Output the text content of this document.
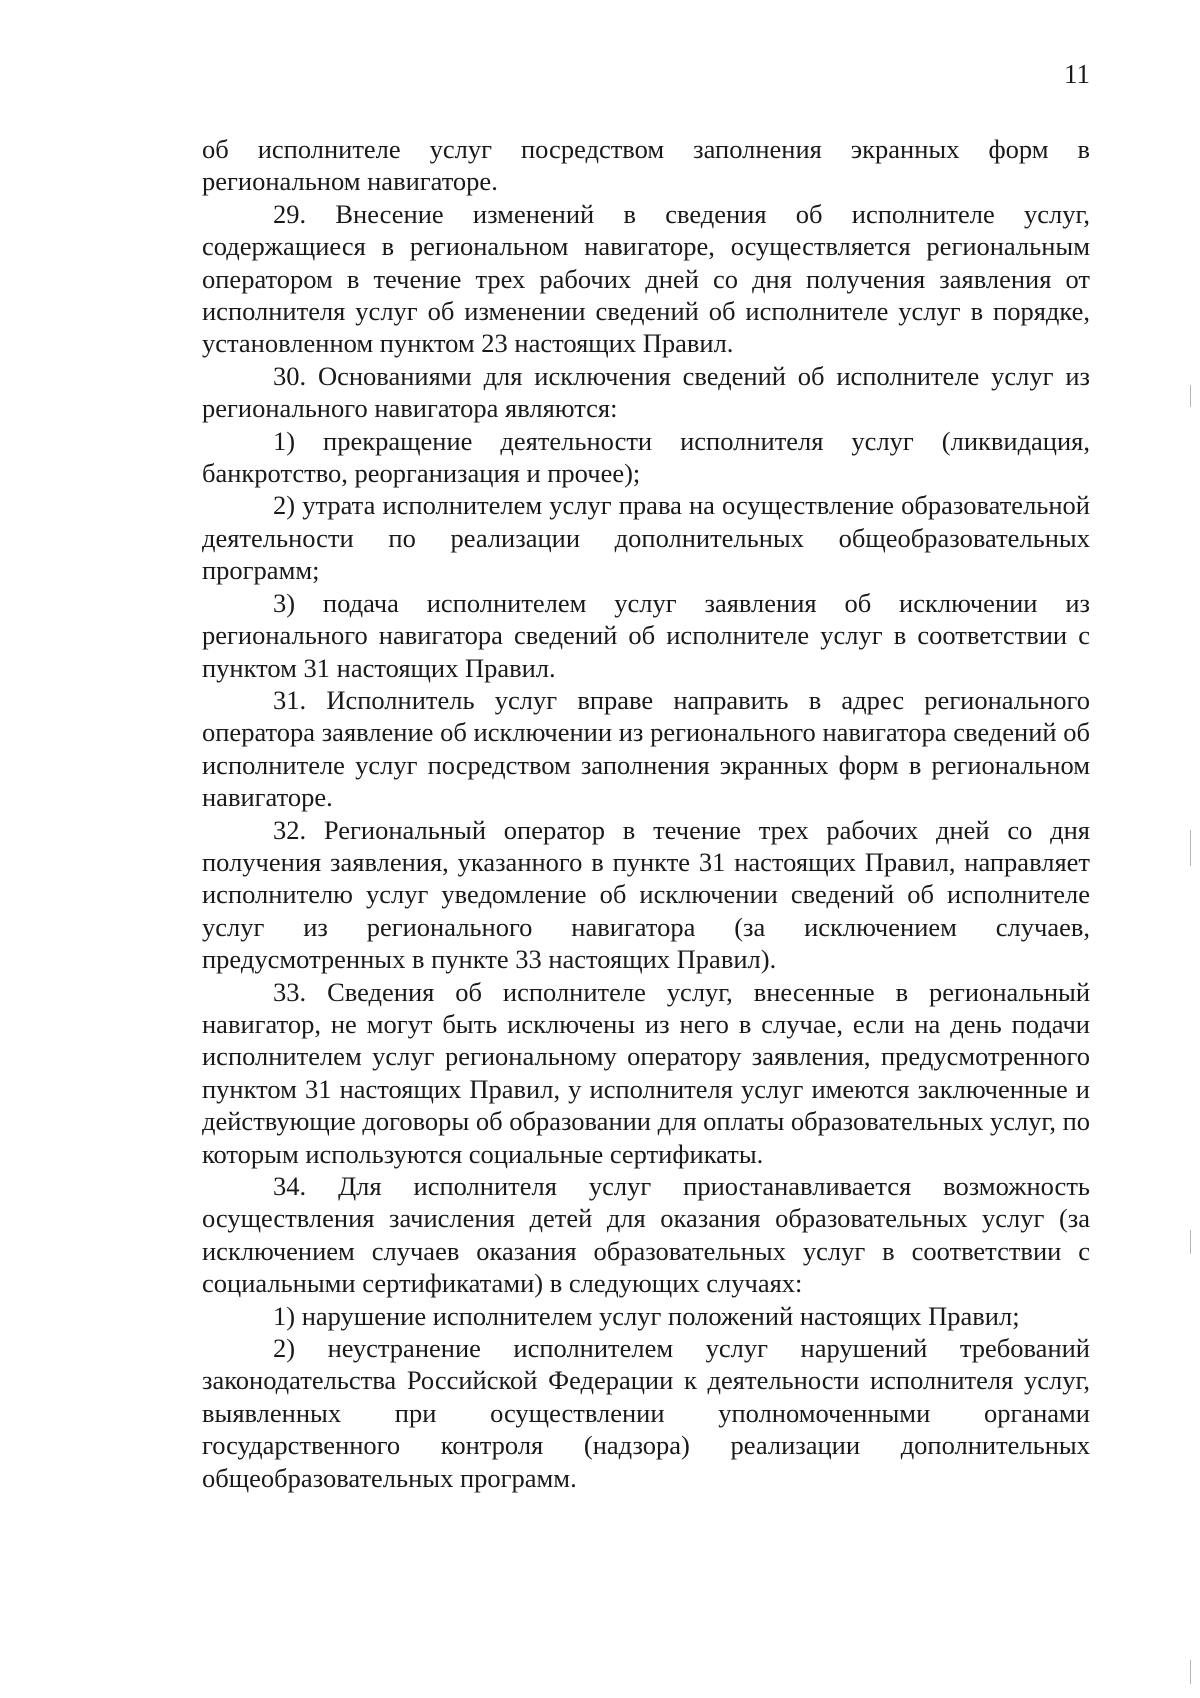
11

об исполнителе услуг посредством заполнения экранных форм в региональном навигаторе.

29. Внесение изменений в сведения об исполнителе услуг, содержащиеся в региональном навигаторе, осуществляется региональным оператором в течение трех рабочих дней со дня получения заявления от исполнителя услуг об изменении сведений об исполнителе услуг в порядке, установленном пунктом 23 настоящих Правил.

30. Основаниями для исключения сведений об исполнителе услуг из регионального навигатора являются:

1) прекращение деятельности исполнителя услуг (ликвидация, банкротство, реорганизация и прочее);

2) утрата исполнителем услуг права на осуществление образовательной деятельности по реализации дополнительных общеобразовательных программ;

3) подача исполнителем услуг заявления об исключении из регионального навигатора сведений об исполнителе услуг в соответствии с пунктом 31 настоящих Правил.

31. Исполнитель услуг вправе направить в адрес регионального оператора заявление об исключении из регионального навигатора сведений об исполнителе услуг посредством заполнения экранных форм в региональном навигаторе.

32. Региональный оператор в течение трех рабочих дней со дня получения заявления, указанного в пункте 31 настоящих Правил, направляет исполнителю услуг уведомление об исключении сведений об исполнителе услуг из регионального навигатора (за исключением случаев, предусмотренных в пункте 33 настоящих Правил).

33. Сведения об исполнителе услуг, внесенные в региональный навигатор, не могут быть исключены из него в случае, если на день подачи исполнителем услуг региональному оператору заявления, предусмотренного пунктом 31 настоящих Правил, у исполнителя услуг имеются заключенные и действующие договоры об образовании для оплаты образовательных услуг, по которым используются социальные сертификаты.

34. Для исполнителя услуг приостанавливается возможность осуществления зачисления детей для оказания образовательных услуг (за исключением случаев оказания образовательных услуг в соответствии с социальными сертификатами) в следующих случаях:

1) нарушение исполнителем услуг положений настоящих Правил;

2) неустранение исполнителем услуг нарушений требований законодательства Российской Федерации к деятельности исполнителя услуг, выявленных при осуществлении уполномоченными органами государственного контроля (надзора) реализации дополнительных общеобразовательных программ.
